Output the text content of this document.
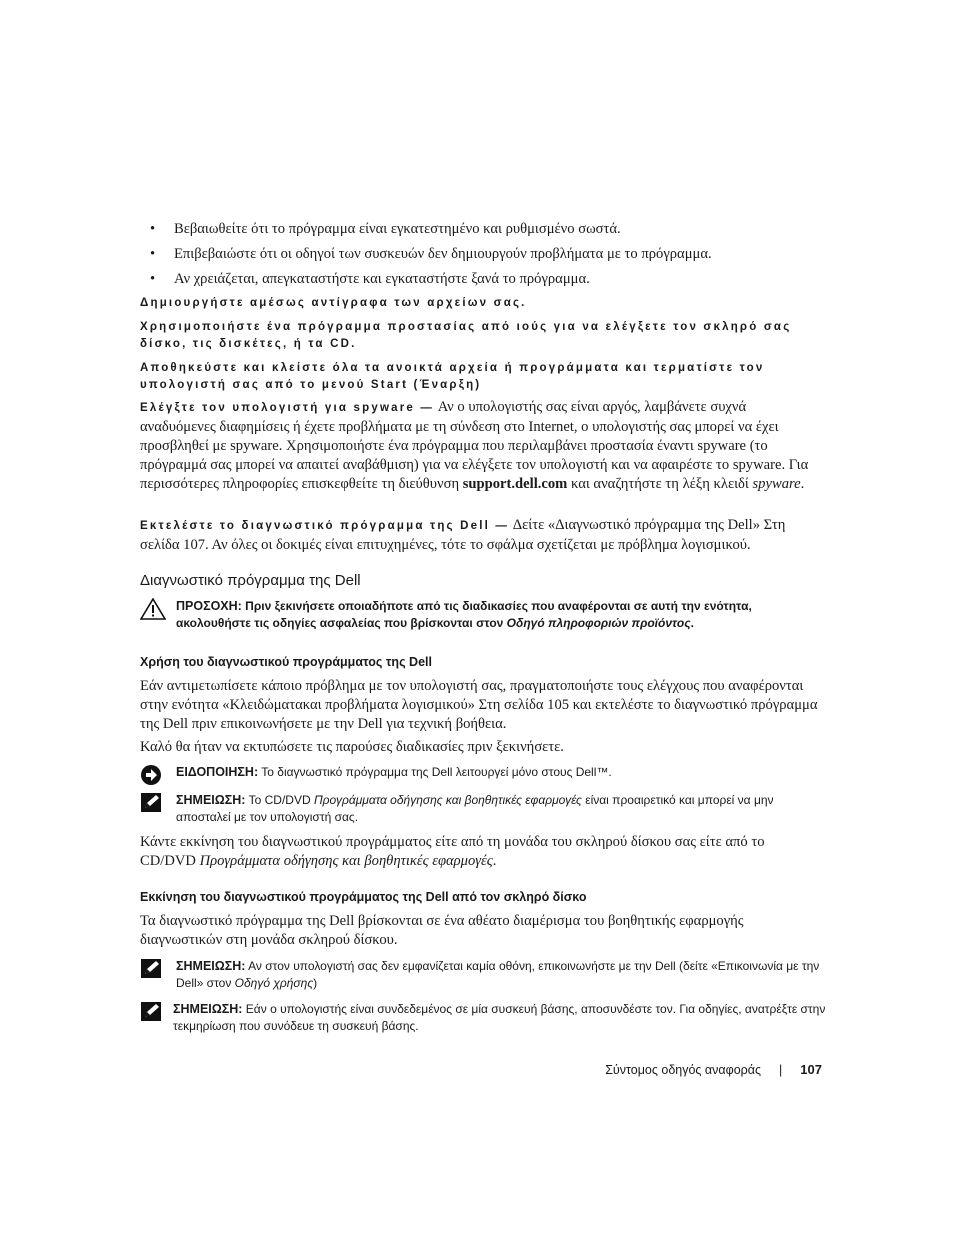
• Βεβαιωθείτε ότι το πρόγραμμα είναι εγκατεστημένο και ρυθμισμένο σωστά.
• Επιβεβαιώστε ότι οι οδηγοί των συσκευών δεν δημιουργούν προβλήματα με το πρόγραμμα.
• Αν χρειάζεται, απεγκαταστήστε και εγκαταστήστε ξανά το πρόγραμμα.

Δημιουργήστε αμέσως αντίγραφα των αρχείων σας.

Χρησιμοποιήστε ένα πρόγραμμα προστασίας από ιούς για να ελέγξετε τον σκληρό σας δίσκο, τις δισκέτες, ή τα CD.

Αποθηκεύστε και κλείστε όλα τα ανοικτά αρχεία ή προγράμματα και τερματίστε τον υπολογιστή σας από το μενού Start (Έναρξη)

Ελέγξτε τον υπολογιστή για spyware — Αν ο υπολογιστής σας είναι αργός, λαμβάνετε συχνά αναδυόμενες διαφημίσεις ή έχετε προβλήματα με τη σύνδεση στο Internet, ο υπολογιστής σας μπορεί να έχει προσβληθεί με spyware. Χρησιμοποιήστε ένα πρόγραμμα που περιλαμβάνει προστασία έναντι spyware (το πρόγραμμά σας μπορεί να απαιτεί αναβάθμιση) για να ελέγξετε τον υπολογιστή και να αφαιρέστε το spyware. Για περισσότερες πληροφορίες επισκεφθείτε τη διεύθυνση support.dell.com και αναζητήστε τη λέξη κλειδί spyware.

Εκτελέστε το διαγνωστικό πρόγραμμα της Dell — Δείτε «Διαγνωστικό πρόγραμμα της Dell» Στη σελίδα 107. Αν όλες οι δοκιμές είναι επιτυχημένες, τότε το σφάλμα σχετίζεται με πρόβλημα λογισμικού.

Διαγνωστικό πρόγραμμα της Dell
ΠΡΟΣΟΧΗ: Πριν ξεκινήσετε οποιαδήποτε από τις διαδικασίες που αναφέρονται σε αυτή την ενότητα, ακολουθήστε τις οδηγίες ασφαλείας που βρίσκονται στον Οδηγό πληροφοριών προϊόντος.
Χρήση του διαγνωστικού προγράμματος της Dell

Εάν αντιμετωπίσετε κάποιο πρόβλημα με τον υπολογιστή σας, πραγματοποιήστε τους ελέγχους που αναφέρονται στην ενότητα «Κλειδώματακαι προβλήματα λογισμικού» Στη σελίδα 105 και εκτελέστε το διαγνωστικό πρόγραμμα της Dell πριν επικοινωνήσετε με την Dell για τεχνική βοήθεια.

Καλό θα ήταν να εκτυπώσετε τις παρούσες διαδικασίες πριν ξεκινήσετε.

ΕΙΔΟΠΟΙΗΣΗ: Το διαγνωστικό πρόγραμμα της Dell λειτουργεί μόνο στους Dell™.
ΣΗΜΕΙΩΣΗ: Το CD/DVD Προγράμματα οδήγησης και βοηθητικές εφαρμογές είναι προαιρετικό και μπορεί να μην αποσταλεί με τον υπολογιστή σας.

Κάντε εκκίνηση του διαγνωστικού προγράμματος είτε από τη μονάδα του σκληρού δίσκου σας είτε από το CD/DVD Προγράμματα οδήγησης και βοηθητικές εφαρμογές.

Εκκίνηση του διαγνωστικού προγράμματος της Dell από τον σκληρό δίσκο

Τα διαγνωστικό πρόγραμμα της Dell βρίσκονται σε ένα αθέατο διαμέρισμα του βοηθητικής εφαρμογής διαγνωστικών στη μονάδα σκληρού δίσκου.

ΣΗΜΕΙΩΣΗ: Αν στον υπολογιστή σας δεν εμφανίζεται καμία οθόνη, επικοινωνήστε με την Dell (δείτε «Επικοινωνία με την Dell» στον Οδηγό χρήσης)
ΣΗΜΕΙΩΣΗ: Εάν ο υπολογιστής είναι συνδεδεμένος σε μία συσκευή βάσης, αποσυνδέστε τον. Για οδηγίες, ανατρέξτε στην τεκμηρίωση που συνόδευε τη συσκευή βάσης.
Σύντομος οδηγός αναφοράς | 107
